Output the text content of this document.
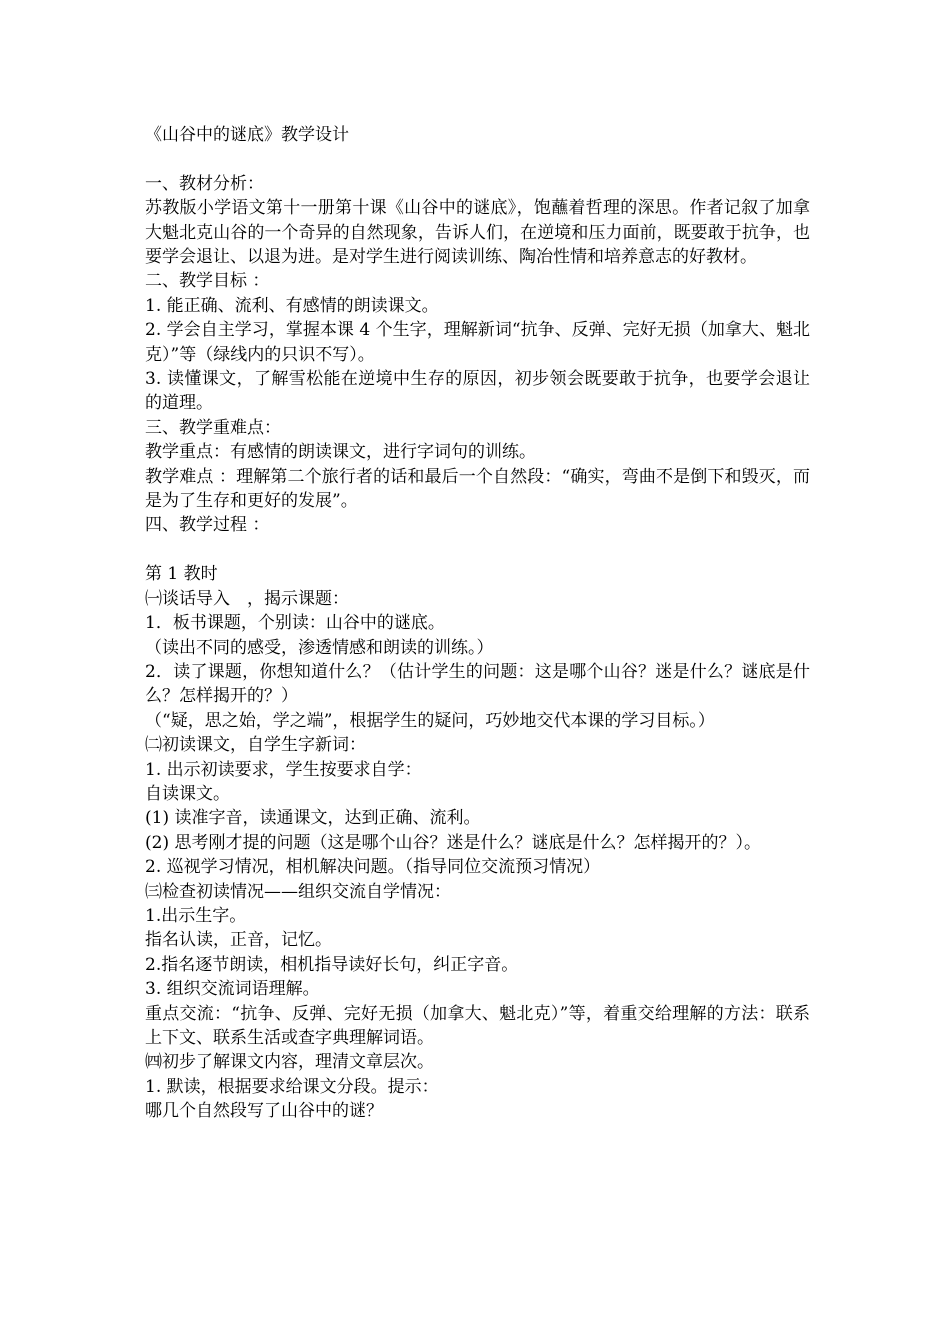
《山谷中的谜底》教学设计

一、教材分析：

苏教版小学语文第十一册第十课《山谷中的谜底》，饱蘸着哲理的深思。作者记叙了加拿大魁北克山谷的一个奇异的自然现象，告诉人们，在逆境和压力面前，既要敢于抗争，也要学会退让、以退为进。是对学生进行阅读训练、陶冶性情和培养意志的好教材。

二、教学目标 ：

1. 能正确、流利、有感情的朗读课文。

2. 学会自主学习，掌握本课 4 个生字，理解新词“抗争、反弹、完好无损（加拿大、魁北克）”等（绿线内的只识不写）。

3. 读懂课文，了解雪松能在逆境中生存的原因，初步领会既要敢于抗争，也要学会退让的道理。

三、教学重难点：

教学重点：有感情的朗读课文，进行字词句的训练。

教学难点 ：理解第二个旅行者的话和最后一个自然段：“确实，弯曲不是倒下和毁灭，而是为了生存和更好的发展”。

四、教学过程 ：

第 1 教时

㈠谈话导入　，揭示课题：

1．板书课题，个别读：山谷中的谜底。

（读出不同的感受，渗透情感和朗读的训练。）

2．读了课题，你想知道什么？（估计学生的问题：这是哪个山谷？迷是什么？谜底是什么？怎样揭开的？）

（“疑，思之始，学之端”，根据学生的疑问，巧妙地交代本课的学习目标。）

㈡初读课文，自学生字新词：

1. 出示初读要求，学生按要求自学：

自读课文。

(1) 读准字音，读通课文，达到正确、流利。

(2) 思考刚才提的问题（这是哪个山谷？迷是什么？谜底是什么？怎样揭开的？）。

2. 巡视学习情况，相机解决问题。（指导同位交流预习情况）

㈢检查初读情况——组织交流自学情况：

1.出示生字。

指名认读，正音，记忆。

2.指名逐节朗读，相机指导读好长句，纠正字音。

3. 组织交流词语理解。

重点交流：“抗争、反弹、完好无损（加拿大、魁北克）”等，着重交给理解的方法：联系上下文、联系生活或查字典理解词语。

㈣初步了解课文内容，理清文章层次。

1. 默读，根据要求给课文分段。提示：

哪几个自然段写了山谷中的谜？
